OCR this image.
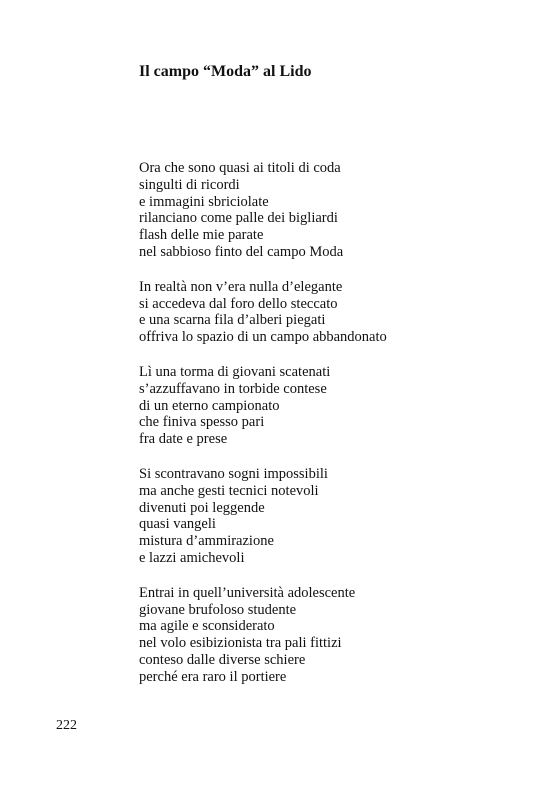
Il campo “Moda” al Lido
Ora che sono quasi ai titoli di coda
singulti di ricordi
e immagini sbriciolate
rilanciano come palle dei bigliardi
flash delle mie parate
nel sabbioso finto del campo Moda
In realtà non v’era nulla d’elegante
si accedeva dal foro dello steccato
e una scarna fila d’alberi piegati
offriva lo spazio di un campo abbandonato
Lì una torma di giovani scatenati
s’azzuffavano in torbide contese
di un eterno campionato
che finiva spesso pari
fra date e prese
Si scontravano sogni impossibili
ma anche gesti tecnici notevoli
divenuti poi leggende
quasi vangeli
mistura d’ammirazione
e lazzi amichevoli
Entrai in quell’università adolescente
giovane brufoloso studente
ma agile e sconsiderato
nel volo esibizionista tra pali fittizi
conteso dalle diverse schiere
perché era raro il portiere
222
